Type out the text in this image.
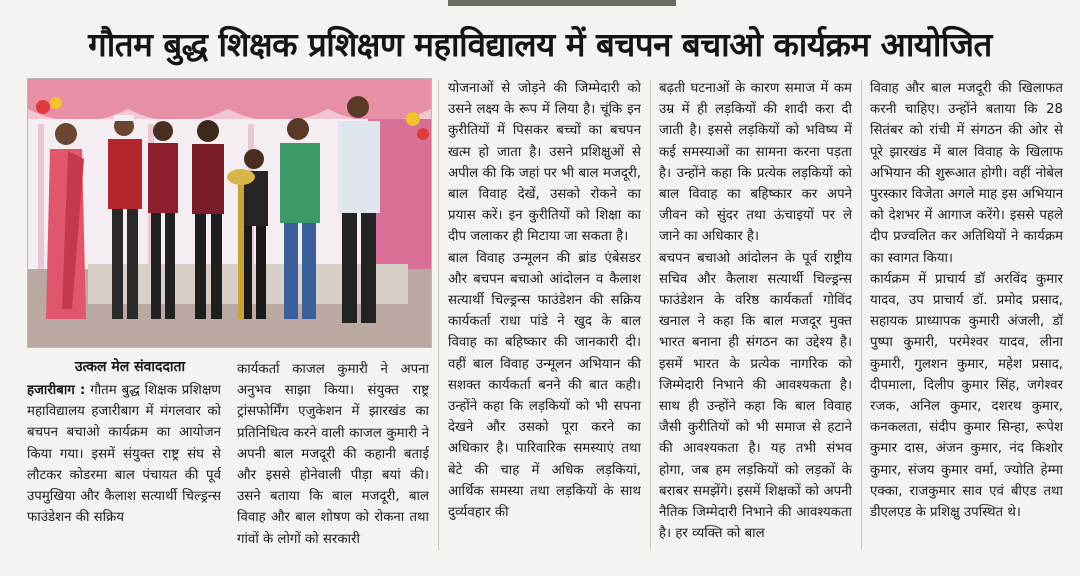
गौतम बुद्ध शिक्षक प्रशिक्षण महाविद्यालय में बचपन बचाओ कार्यक्रम आयोजित
उत्कल मेल संवाददाता

हजारीबाग : गौतम बुद्ध शिक्षक प्रशिक्षण महाविद्यालय हजारीबाग में मंगलवार को बचपन बचाओ कार्यक्रम का आयोजन किया गया। इसमें संयुक्त राष्ट्र संघ से लौटकर कोडरमा बाल पंचायत की पूर्व उपमुखिया और कैलाश सत्यार्थी चिल्ड्रन्स फाउंडेशन की सक्रिय

कार्यकर्ता काजल कुमारी ने अपना अनुभव साझा किया। संयुक्त राष्ट्र ट्रांसफोर्मिंग एजुकेशन में झारखंड का प्रतिनिधित्व करने वाली काजल कुमारी ने अपनी बाल मजदूरी की कहानी बताई और इससे होनेवाली पीड़ा बयां की। उसने बताया कि बाल मजदूरी, बाल विवाह और बाल शोषण को रोकना तथा गांवों के लोगों को सरकारी

योजनाओं से जोड़ने की जिम्मेदारी को उसने लक्ष्य के रूप में लिया है। चूंकि इन कुरीतियों में पिसकर बच्चों का बचपन खत्म हो जाता है। उसने प्रशिक्षुओं से अपील की कि जहां पर भी बाल मजदूरी, बाल विवाह देखें, उसको रोकने का प्रयास करें। इन कुरीतियों को शिक्षा का दीप जलाकर ही मिटाया जा सकता है।

बाल विवाह उन्मूलन की ब्रांड एंबेसडर और बचपन बचाओ आंदोलन व कैलाश सत्यार्थी चिल्ड्रन्स फाउंडेशन की सक्रिय कार्यकर्ता राधा पांडे ने खुद के बाल विवाह का बहिष्कार की जानकारी दी। वहीं बाल विवाह उन्मूलन अभियान की सशक्त कार्यकर्ता बनने की बात कही। उन्होंने कहा कि लड़कियों को भी सपना देखने और उसको पूरा करने का अधिकार है। पारिवारिक समस्याएं तथा बेटे की चाह में अधिक लड़कियां, आर्थिक समस्या तथा लड़कियों के साथ दुर्व्यवहार की

बढ़ती घटनाओं के कारण समाज में कम उम्र में ही लड़कियों की शादी करा दी जाती है। इससे लड़कियों को भविष्य में कई समस्याओं का सामना करना पड़ता है। उन्होंने कहा कि प्रत्येक लड़कियों को बाल विवाह का बहिष्कार कर अपने जीवन को सुंदर तथा ऊंचाइयों पर ले जाने का अधिकार है।

बचपन बचाओ आंदोलन के पूर्व राष्ट्रीय सचिव और कैलाश सत्यार्थी चिल्ड्रन्स फाउंडेशन के वरिष्ठ कार्यकर्ता गोविंद खनाल ने कहा कि बाल मजदूर मुक्त भारत बनाना ही संगठन का उद्देश्य है। इसमें भारत के प्रत्येक नागरिक को जिम्मेदारी निभाने की आवश्यकता है। साथ ही उन्होंने कहा कि बाल विवाह जैसी कुरीतियों को भी समाज से हटाने की आवश्यकता है। यह तभी संभव होगा, जब हम लड़कियों को लड़कों के बराबर समझेंगे। इसमें शिक्षकों को अपनी नैतिक जिम्मेदारी निभाने की आवश्यकता है। हर व्यक्ति को बाल

विवाह और बाल मजदूरी की खिलाफत करनी चाहिए। उन्होंने बताया कि 28 सितंबर को रांची में संगठन की ओर से पूरे झारखंड में बाल विवाह के खिलाफ अभियान की शुरूआत होगी। वहीं नोबेल पुरस्कार विजेता अगले माह इस अभियान को देशभर में आगाज करेंगे। इससे पहले दीप प्रज्वलित कर अतिथियों ने कार्यक्रम का स्वागत किया।

कार्यक्रम में प्राचार्य डॉ अरविंद कुमार यादव, उप प्राचार्य डॉ. प्रमोद प्रसाद, सहायक प्राध्यापक कुमारी अंजली, डॉ पुष्पा कुमारी, परमेश्वर यादव, लीना कुमारी, गुलशन कुमार, महेश प्रसाद, दीपमाला, दिलीप कुमार सिंह, जगेश्वर रजक, अनिल कुमार, दशरथ कुमार, कनकलता, संदीप कुमार सिन्हा, रूपेश कुमार दास, अंजन कुमार, नंद किशोर कुमार, संजय कुमार वर्मा, ज्योति हेम्मा एक्का, राजकुमार साव एवं बीएड तथा डीएलएड के प्रशिक्षु उपस्थित थे।
